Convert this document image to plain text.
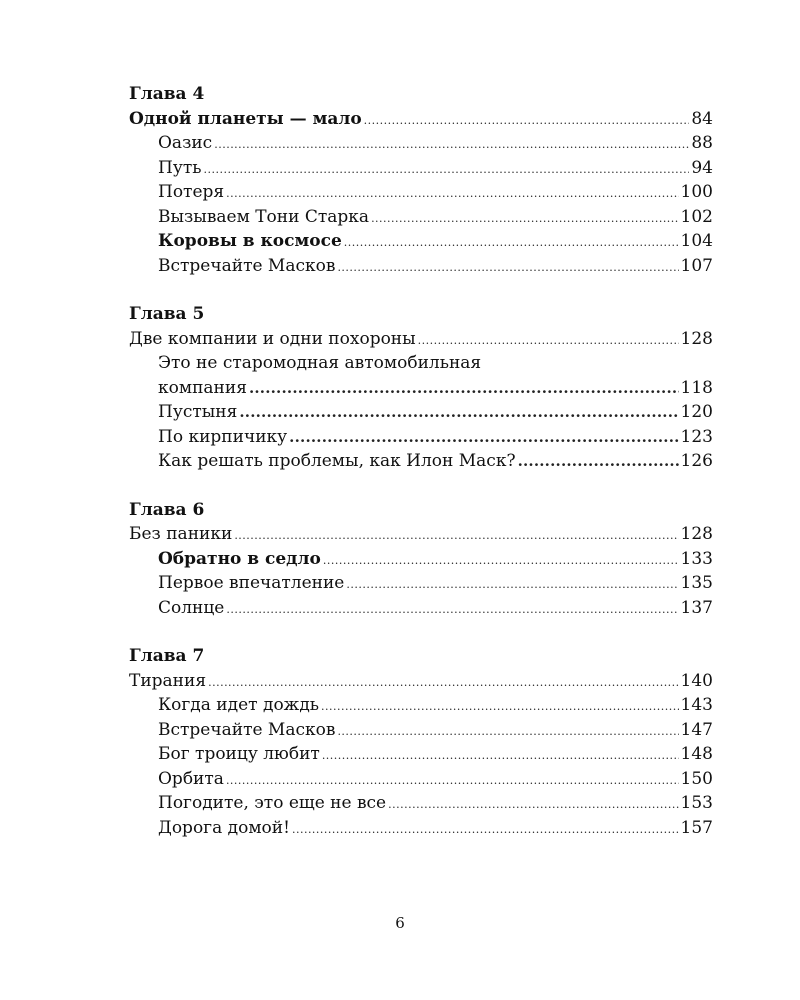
Глава 4
Одной планеты — мало .....	84
Оазис .....	88
Путь .....	94
Потеря .....	100
Вызываем Тони Старка .....	102
Коровы в космосе .....	104
Встречайте Масков .....	107
Глава 5
Две компании и одни похороны .....	128
Это не старомодная автомобильная
компания .....	118
Пустыня .....	120
По кирпичику .....	123
Как решать проблемы, как Илон Маск? .....	126
Глава 6
Без паники .....	128
Обратно в седло .....	133
Первое впечатление .....	135
Солнце .....	137
Глава 7
Тирания .....	140
Когда идет дождь .....	143
Встречайте Масков .....	147
Бог троицу любит .....	148
Орбита .....	150
Погодите, это еще не все .....	153
Дорога домой! .....	157
6
